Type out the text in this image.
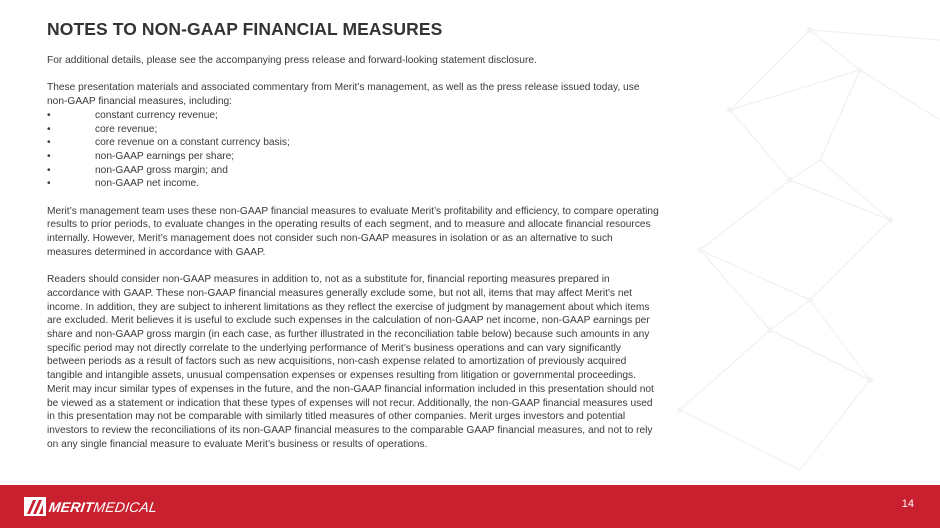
NOTES TO NON-GAAP FINANCIAL MEASURES

For additional details, please see the accompanying press release and forward-looking statement disclosure.

These presentation materials and associated commentary from Merit’s management, as well as the press release issued today, use non-GAAP financial measures, including:

•	constant currency revenue;
•	core revenue;
•	core revenue on a constant currency basis;
•	non-GAAP earnings per share;
•	non-GAAP gross margin; and
•	non-GAAP net income.

Merit’s management team uses these non-GAAP financial measures to evaluate Merit’s profitability and efficiency, to compare operating results to prior periods, to evaluate changes in the operating results of each segment, and to measure and allocate financial resources internally. However, Merit’s management does not consider such non-GAAP measures in isolation or as an alternative to such measures determined in accordance with GAAP.

Readers should consider non-GAAP measures in addition to, not as a substitute for, financial reporting measures prepared in accordance with GAAP. These non-GAAP financial measures generally exclude some, but not all, items that may affect Merit's net income. In addition, they are subject to inherent limitations as they reflect the exercise of judgment by management about which items are excluded. Merit believes it is useful to exclude such expenses in the calculation of non-GAAP net income, non-GAAP earnings per share and non-GAAP gross margin (in each case, as further illustrated in the reconciliation table below) because such amounts in any specific period may not directly correlate to the underlying performance of Merit’s business operations and can vary significantly between periods as a result of factors such as new acquisitions, non-cash expense related to amortization of previously acquired tangible and intangible assets, unusual compensation expenses or expenses resulting from litigation or governmental proceedings. Merit may incur similar types of expenses in the future, and the non-GAAP financial information included in this presentation should not be viewed as a statement or indication that these types of expenses will not recur. Additionally, the non-GAAP financial measures used in this presentation may not be comparable with similarly titled measures of other companies. Merit urges investors and potential investors to review the reconciliations of its non-GAAP financial measures to the comparable GAAP financial measures, and not to rely on any single financial measure to evaluate Merit’s business or results of operations.

MERITMEDICAL	14
